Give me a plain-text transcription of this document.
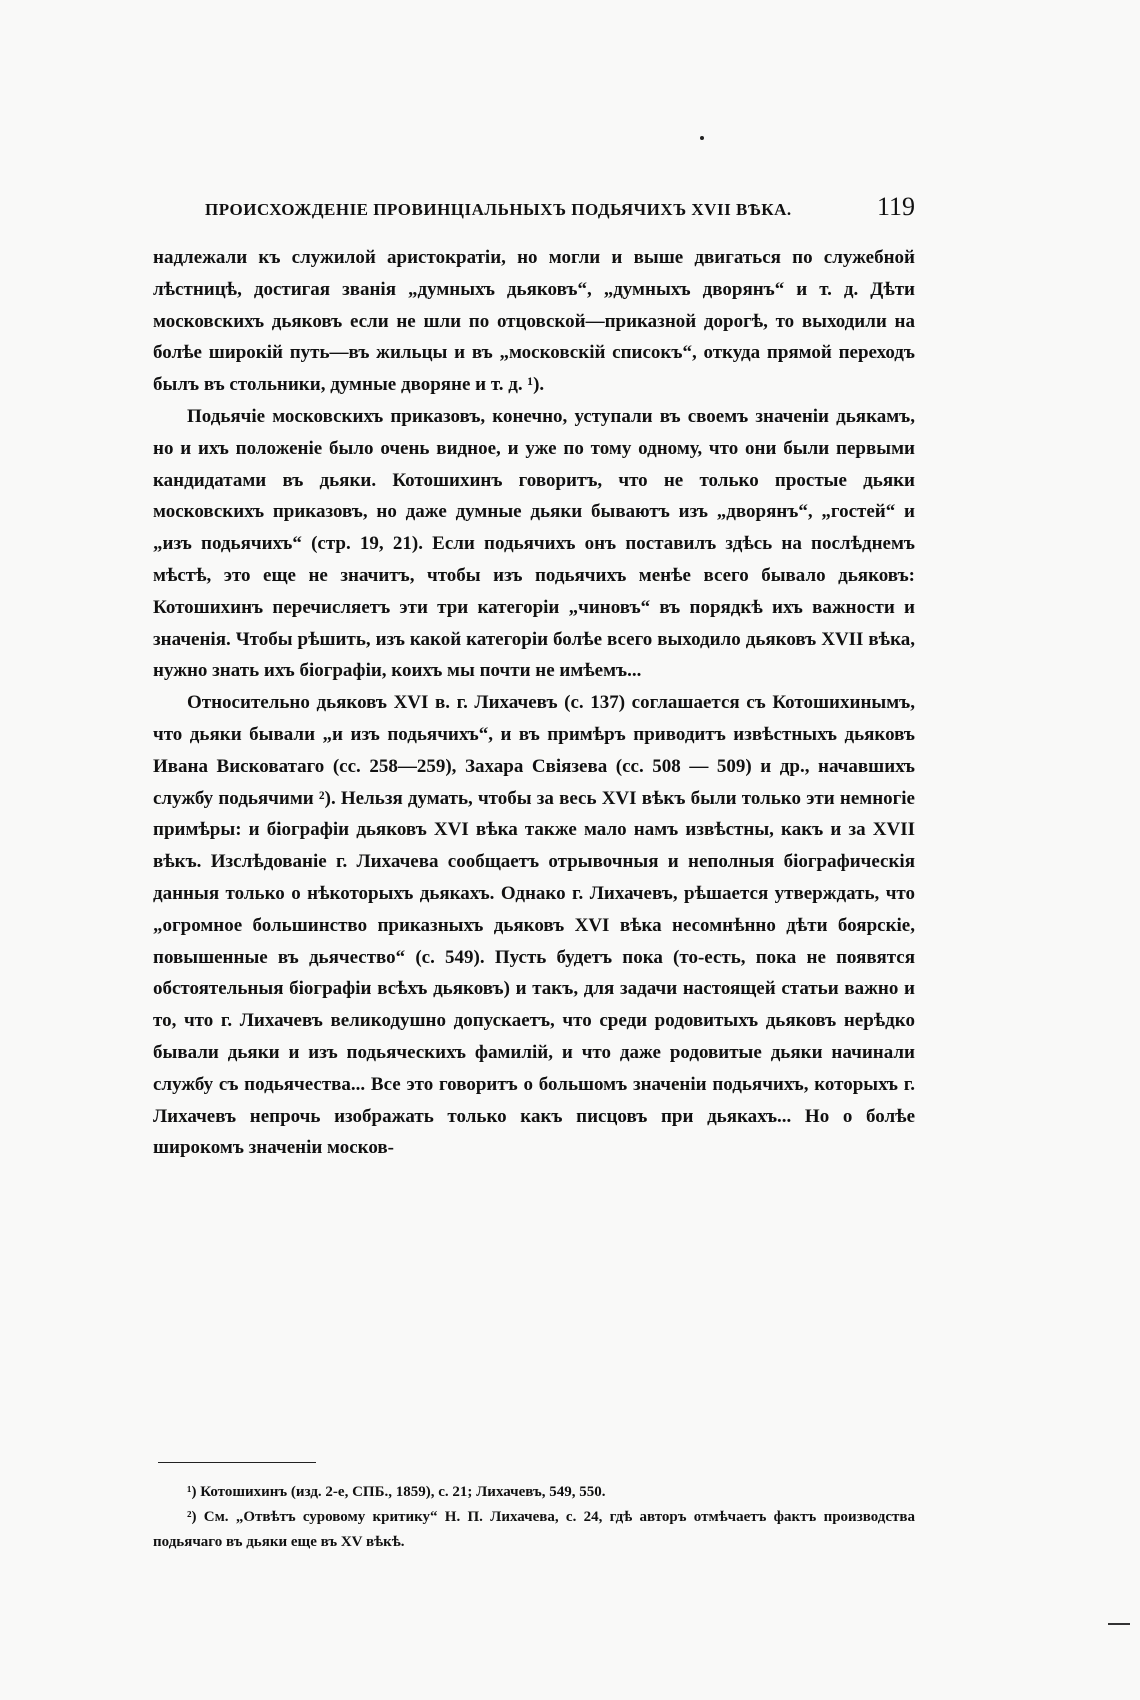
ПРОИСХОЖДЕНІЕ ПРОВИНЦІАЛЬНЫХЪ ПОДЬЯЧИХЪ XVII ВѢКА.	119

надлежали къ служилой аристократіи, но могли и выше двигаться по служебной лѣстницѣ, достигая званія „думныхъ дьяковъ“, „думныхъ дворянъ“ и т. д. Дѣти московскихъ дьяковъ если не шли по отцовской—приказной дорогѣ, то выходили на болѣе широкій путь—въ жильцы и въ „московскій списокъ“, откуда прямой переходъ былъ въ стольники, думные дворяне и т. д. ¹).

Подьячіе московскихъ приказовъ, конечно, уступали въ своемъ значеніи дьякамъ, но и ихъ положеніе было очень видное, и уже по тому одному, что они были первыми кандидатами въ дьяки. Котошихинъ говоритъ, что не только простые дьяки московскихъ приказовъ, но даже думные дьяки бываютъ изъ „дворянъ“, „гостей“ и „изъ подьячихъ“ (стр. 19, 21). Если подьячихъ онъ поставилъ здѣсь на послѣднемъ мѣстѣ, это еще не значитъ, чтобы изъ подьячихъ менѣе всего бывало дьяковъ: Котошихинъ перечисляетъ эти три категоріи „чиновъ“ въ порядкѣ ихъ важности и значенія. Чтобы рѣшить, изъ какой категоріи болѣе всего выходило дьяковъ XVII вѣка, нужно знать ихъ біографіи, коихъ мы почти не имѣемъ...

Относительно дьяковъ XVI в. г. Лихачевъ (с. 137) соглашается съ Котошихинымъ, что дьяки бывали „и изъ подьячихъ“, и въ примѣръ приводитъ извѣстныхъ дьяковъ Ивана Висковатаго (сс. 258—259), Захара Свіязева (сс. 508 — 509) и др., начавшихъ службу подьячими ²). Нельзя думать, чтобы за весь XVI вѣкъ были только эти немногіе примѣры: и біографіи дьяковъ XVI вѣка также мало намъ извѣстны, какъ и за XVII вѣкъ. Изслѣдованіе г. Лихачева сообщаетъ отрывочныя и неполныя біографическія данныя только о нѣкоторыхъ дьякахъ. Однако г. Лихачевъ, рѣшается утверждать, что „огромное большинство приказныхъ дьяковъ XVI вѣка несомнѣнно дѣти боярскіе, повышенные въ дьячество“ (с. 549). Пусть будетъ пока (то-есть, пока не появятся обстоятельныя біографіи всѣхъ дьяковъ) и такъ, для задачи настоящей статьи важно и то, что г. Лихачевъ великодушно допускаетъ, что среди родовитыхъ дьяковъ нерѣдко бывали дьяки и изъ подьяческихъ фамилій, и что даже родовитые дьяки начинали службу съ подьячества... Все это говоритъ о большомъ значеніи подьячихъ, которыхъ г. Лихачевъ непрочь изображать только какъ писцовъ при дьякахъ... Но о болѣе широкомъ значеніи москов-

¹) Котошихинъ (изд. 2-е, СПБ., 1859), с. 21; Лихачевъ, 549, 550.

²) См. „Отвѣтъ суровому критику“ Н. П. Лихачева, с. 24, гдѣ авторъ отмѣчаетъ фактъ производства подьячаго въ дьяки еще въ XV вѣкѣ.
